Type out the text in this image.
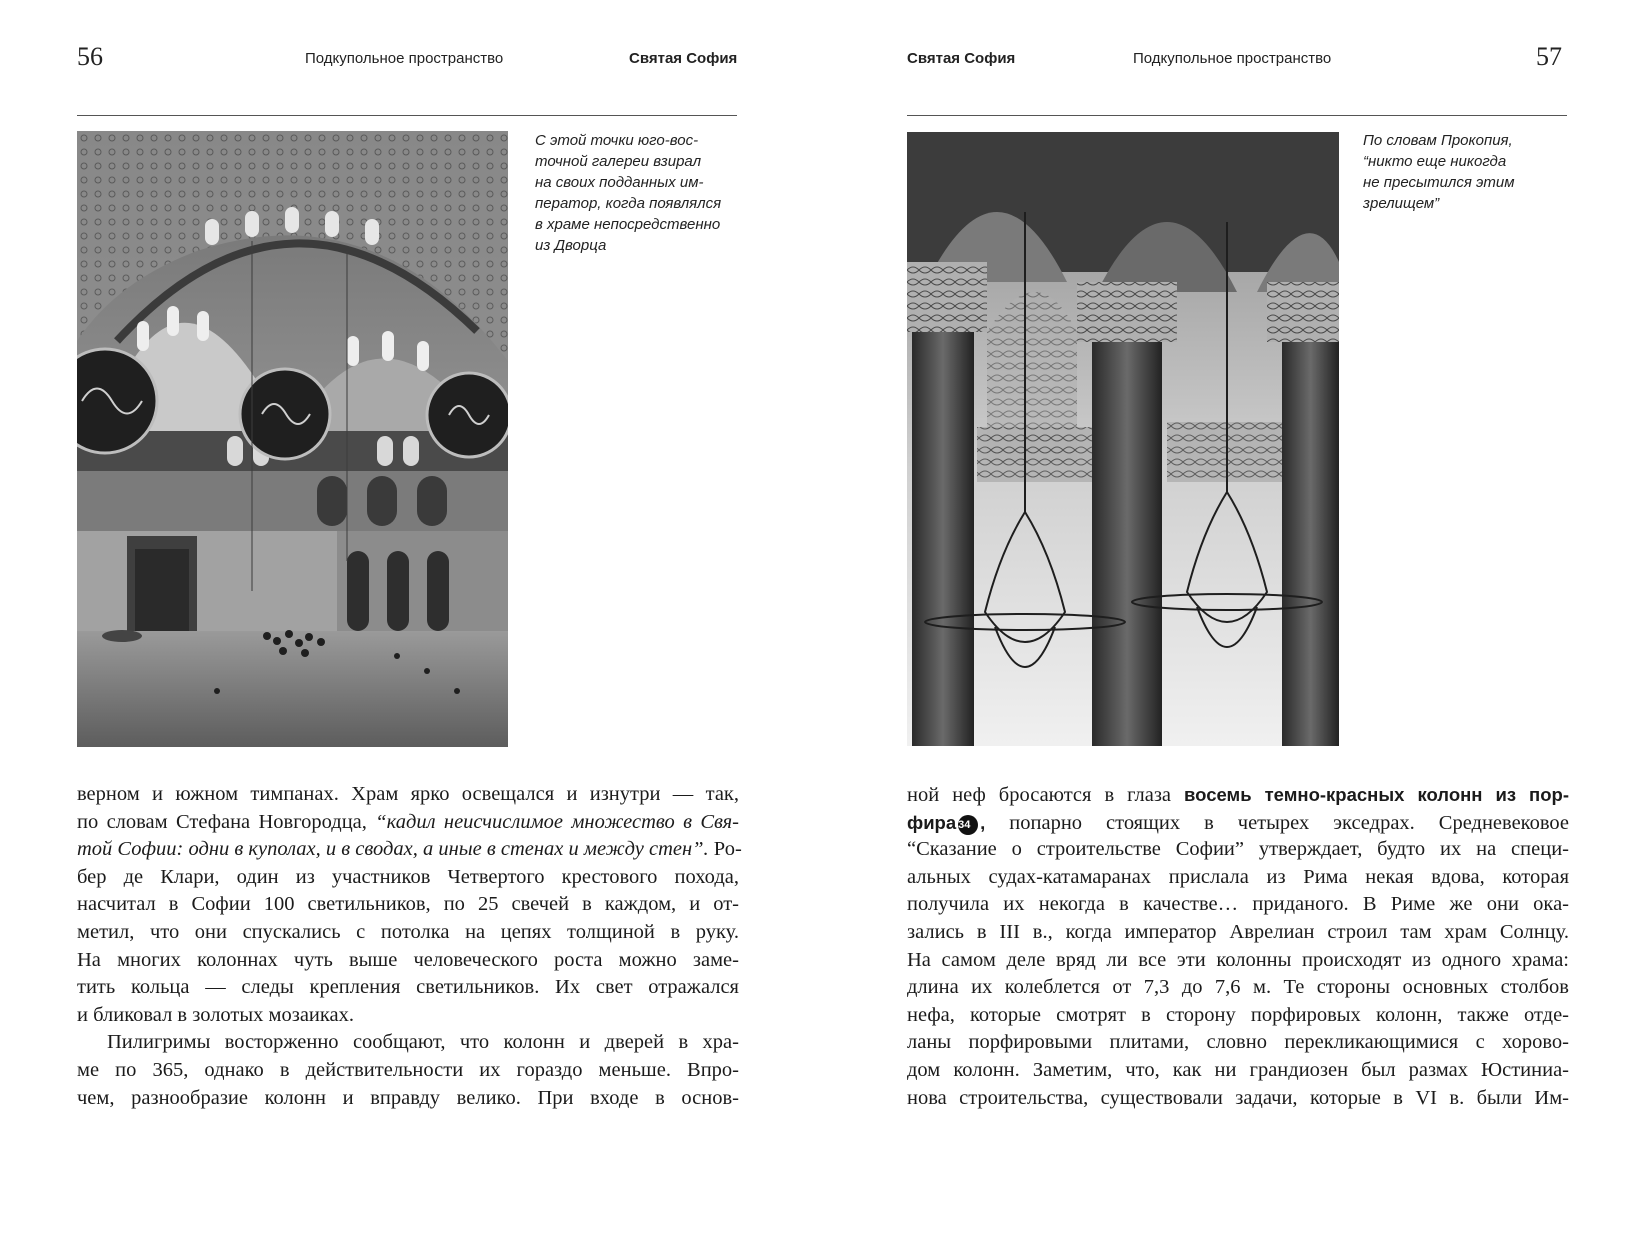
56	Подкупольное пространство	Святая София
С этой точки юго-вос-
точной галереи взирал
на своих подданных им-
ператор, когда появлялся
в храме непосредственно
из Дворца
верном и южном тимпанах. Храм ярко освещался и изнутри — так,
по словам Стефана Новгородца, “кадил неисчислимое множество в Свя-
той Софии: одни в куполах, и в сводах, а иные в стенах и между стен”. Ро-
бер де Клари, один из участников Четвертого крестового похода,
насчитал в Софии 100 светильников, по 25 свечей в каждом, и от-
метил, что они спускались с потолка на цепях толщиной в руку.
На многих колоннах чуть выше человеческого роста можно заме-
тить кольца — следы крепления светильников. Их свет отражался
и бликовал в золотых мозаиках.
Пилигримы восторженно сообщают, что колонн и дверей в хра-
ме по 365, однако в действительности их гораздо меньше. Впро-
чем, разнообразие колонн и вправду велико. При входе в основ-
Святая София	Подкупольное пространство	57
По словам Прокопия,
“никто еще никогда
не пресытился этим
зрелищем”
ной неф бросаются в глаза восемь темно-красных колонн из пор-
фира 34 , попарно стоящих в четырех экседрах. Средневековое
“Сказание о строительстве Софии” утверждает, будто их на специ-
альных судах-катамаранах прислала из Рима некая вдова, которая
получила их некогда в качестве… приданого. В Риме же они ока-
зались в III в., когда император Аврелиан строил там храм Солнцу.
На самом деле вряд ли все эти колонны происходят из одного храма:
длина их колеблется от 7,3 до 7,6 м. Те стороны основных столбов
нефа, которые смотрят в сторону порфировых колонн, также отде-
ланы порфировыми плитами, словно перекликающимися с хорово-
дом колонн. Заметим, что, как ни грандиозен был размах Юстиниа-
нова строительства, существовали задачи, которые в VI в. были Им-
